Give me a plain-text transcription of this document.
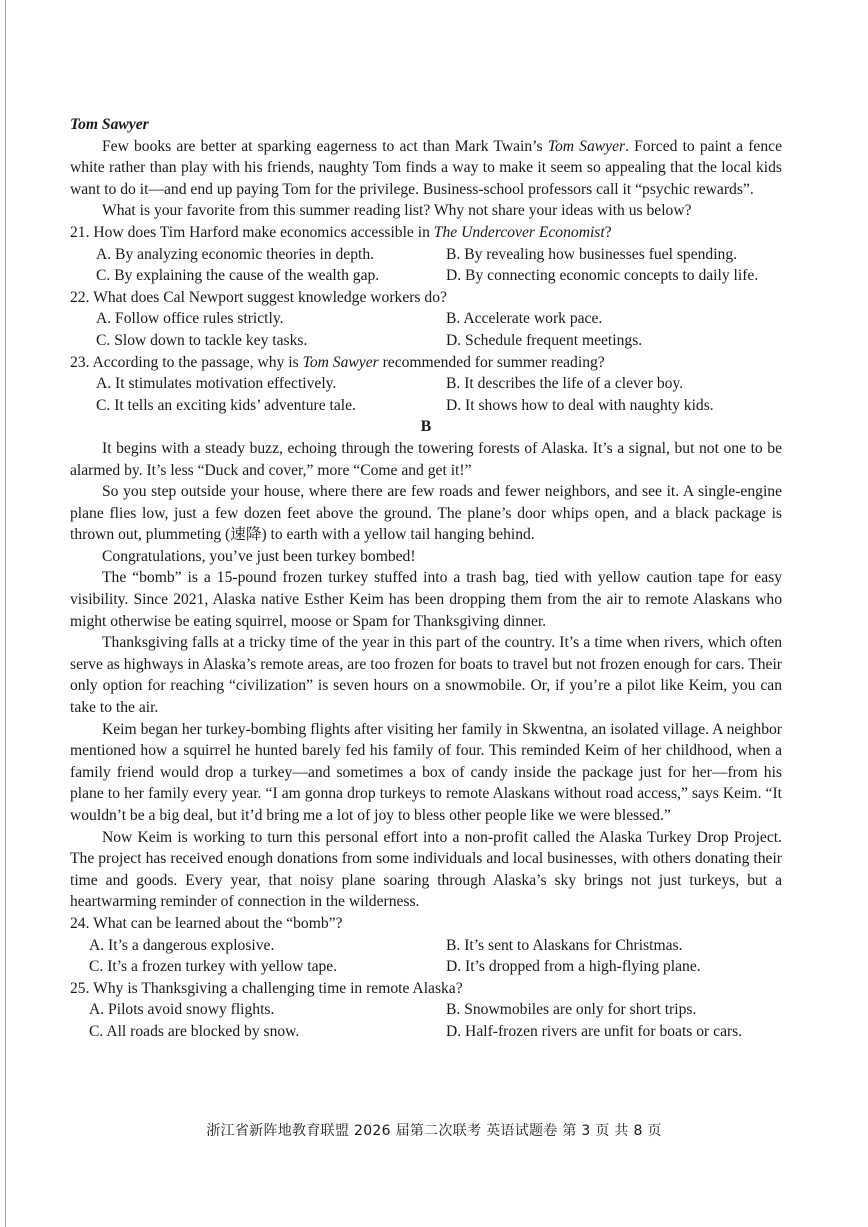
Tom Sawyer

Few books are better at sparking eagerness to act than Mark Twain’s Tom Sawyer. Forced to paint a fence white rather than play with his friends, naughty Tom finds a way to make it seem so appealing that the local kids want to do it—and end up paying Tom for the privilege. Business-school professors call it “psychic rewards”.

What is your favorite from this summer reading list? Why not share your ideas with us below?

21. How does Tim Harford make economics accessible in The Undercover Economist?
A. By analyzing economic theories in depth.	B. By revealing how businesses fuel spending.
C. By explaining the cause of the wealth gap.	D. By connecting economic concepts to daily life.
22. What does Cal Newport suggest knowledge workers do?
A. Follow office rules strictly.	B. Accelerate work pace.
C. Slow down to tackle key tasks.	D. Schedule frequent meetings.
23. According to the passage, why is Tom Sawyer recommended for summer reading?
A. It stimulates motivation effectively.	B. It describes the life of a clever boy.
C. It tells an exciting kids’ adventure tale.	D. It shows how to deal with naughty kids.
B

It begins with a steady buzz, echoing through the towering forests of Alaska. It’s a signal, but not one to be alarmed by. It’s less “Duck and cover,” more “Come and get it!”

So you step outside your house, where there are few roads and fewer neighbors, and see it. A single-engine plane flies low, just a few dozen feet above the ground. The plane’s door whips open, and a black package is thrown out, plummeting (速降) to earth with a yellow tail hanging behind.

Congratulations, you’ve just been turkey bombed!

The “bomb” is a 15-pound frozen turkey stuffed into a trash bag, tied with yellow caution tape for easy visibility. Since 2021, Alaska native Esther Keim has been dropping them from the air to remote Alaskans who might otherwise be eating squirrel, moose or Spam for Thanksgiving dinner.

Thanksgiving falls at a tricky time of the year in this part of the country. It’s a time when rivers, which often serve as highways in Alaska’s remote areas, are too frozen for boats to travel but not frozen enough for cars. Their only option for reaching “civilization” is seven hours on a snowmobile. Or, if you’re a pilot like Keim, you can take to the air.

Keim began her turkey-bombing flights after visiting her family in Skwentna, an isolated village. A neighbor mentioned how a squirrel he hunted barely fed his family of four. This reminded Keim of her childhood, when a family friend would drop a turkey—and sometimes a box of candy inside the package just for her—from his plane to her family every year. “I am gonna drop turkeys to remote Alaskans without road access,” says Keim. “It wouldn’t be a big deal, but it’d bring me a lot of joy to bless other people like we were blessed.”

Now Keim is working to turn this personal effort into a non-profit called the Alaska Turkey Drop Project. The project has received enough donations from some individuals and local businesses, with others donating their time and goods. Every year, that noisy plane soaring through Alaska’s sky brings not just turkeys, but a heartwarming reminder of connection in the wilderness.

24. What can be learned about the “bomb”?
A. It’s a dangerous explosive.	B. It’s sent to Alaskans for Christmas.
C. It’s a frozen turkey with yellow tape.	D. It’s dropped from a high-flying plane.
25. Why is Thanksgiving a challenging time in remote Alaska?
A. Pilots avoid snowy flights.	B. Snowmobiles are only for short trips.
C. All roads are blocked by snow.	D. Half-frozen rivers are unfit for boats or cars.
浙江省新阵地教育联盟 2026 届第二次联考 英语试题卷 第 3 页 共 8 页
